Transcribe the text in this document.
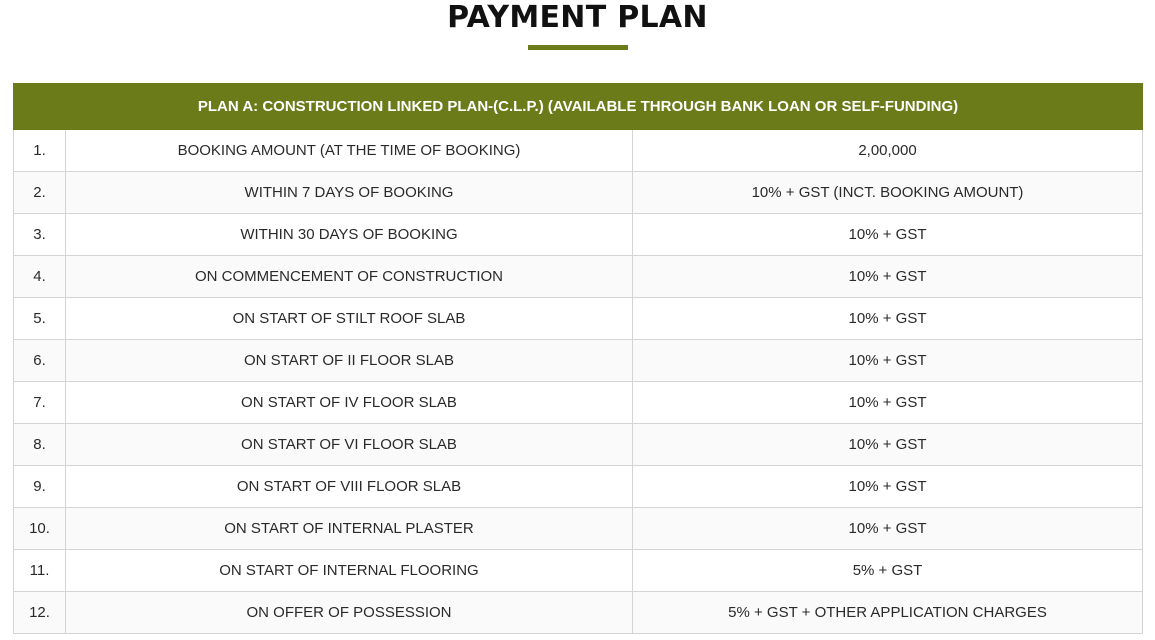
PAYMENT PLAN
PLAN A: CONSTRUCTION LINKED PLAN-(C.L.P.) (AVAILABLE THROUGH BANK LOAN OR SELF-FUNDING)		
1.	BOOKING AMOUNT (AT THE TIME OF BOOKING)	2,00,000
2.	WITHIN 7 DAYS OF BOOKING	10% + GST (INCT. BOOKING AMOUNT)
3.	WITHIN 30 DAYS OF BOOKING	10% + GST
4.	ON COMMENCEMENT OF CONSTRUCTION	10% + GST
5.	ON START OF STILT ROOF SLAB	10% + GST
6.	ON START OF II FLOOR SLAB	10% + GST
7.	ON START OF IV FLOOR SLAB	10% + GST
8.	ON START OF VI FLOOR SLAB	10% + GST
9.	ON START OF VIII FLOOR SLAB	10% + GST
10.	ON START OF INTERNAL PLASTER	10% + GST
11.	ON START OF INTERNAL FLOORING	5% + GST
12.	ON OFFER OF POSSESSION	5% + GST + OTHER APPLICATION CHARGES
